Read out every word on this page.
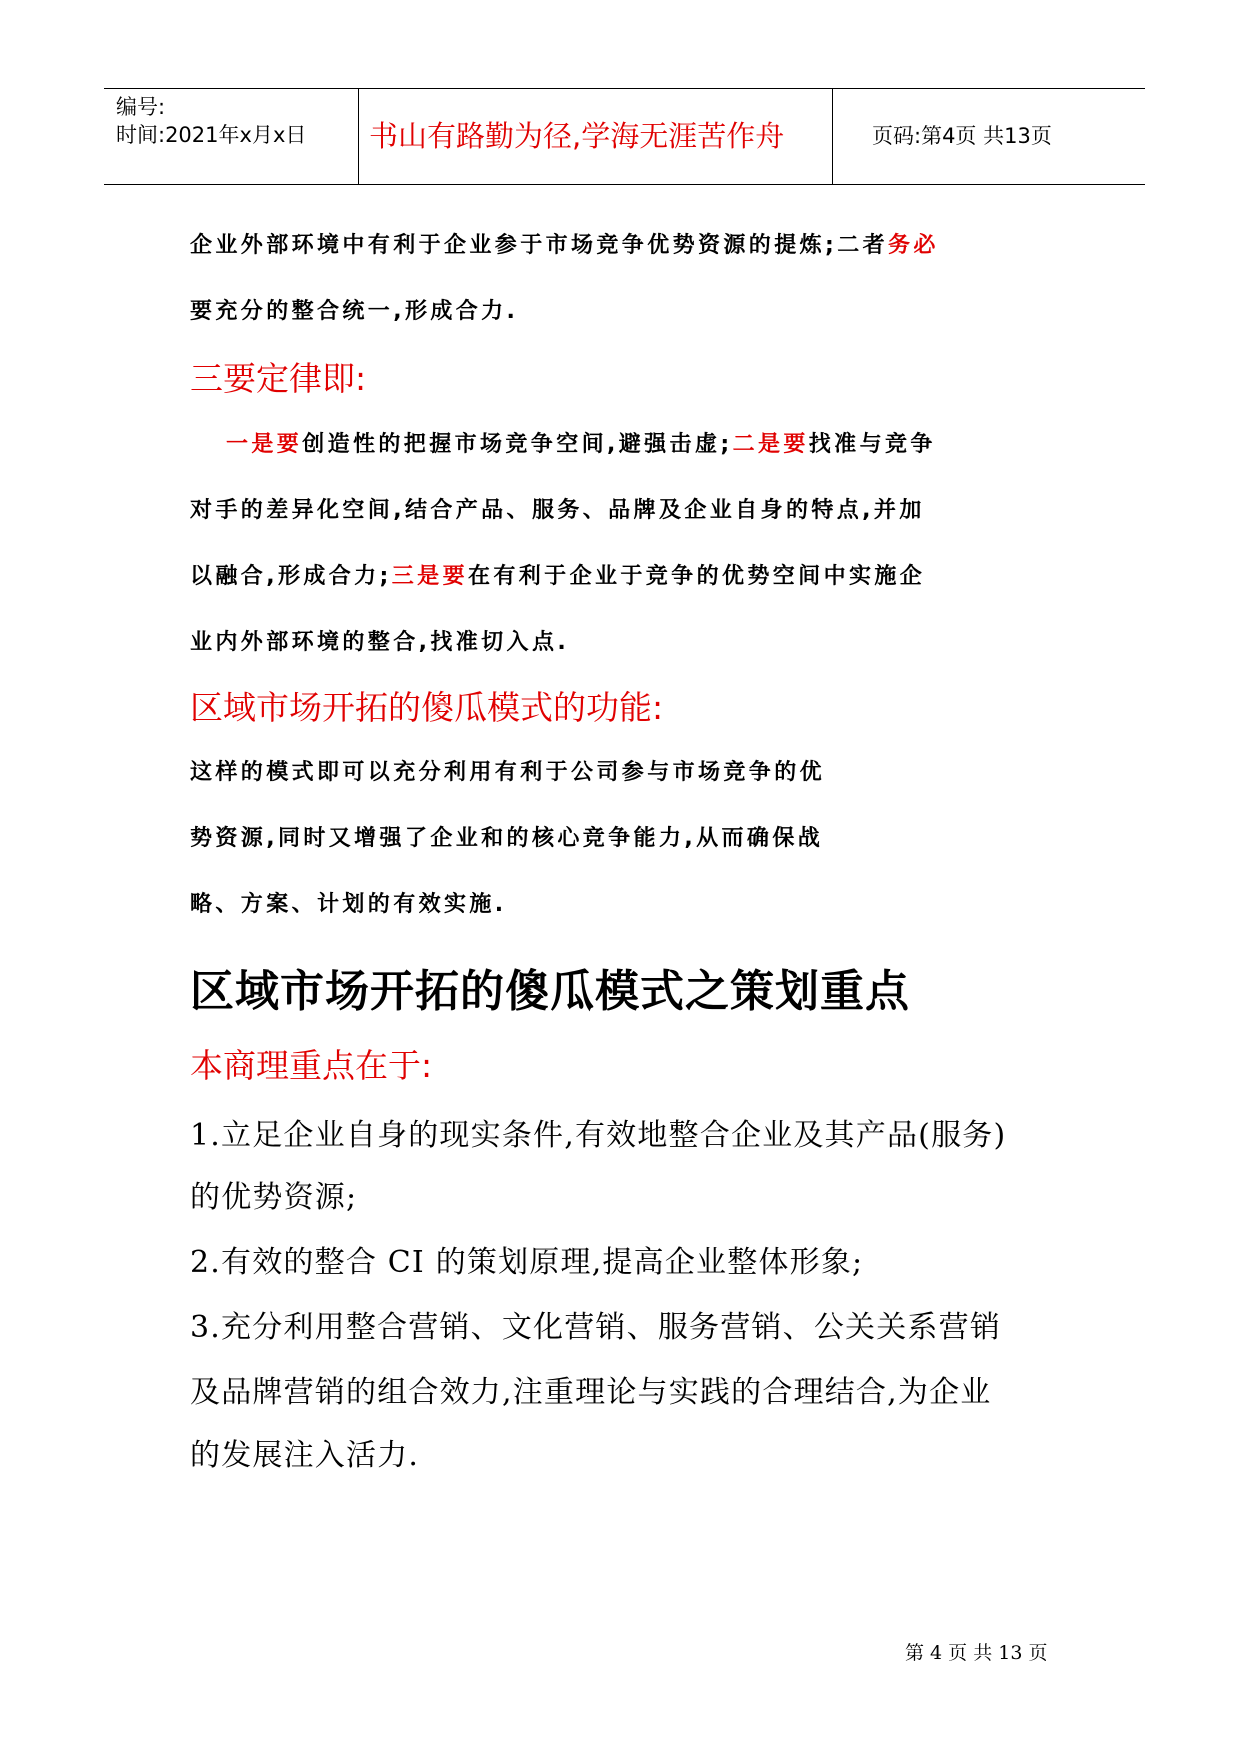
编号:
时间:2021年x月x日 书山有路勤为径,学海无涯苦作舟	页码:第4页 共13页
企业外部环境中有利于企业参于市场竞争优势资源的提炼;二者务必
要充分的整合统一,形成合力.
三要定律即:
一是要创造性的把握市场竞争空间,避强击虚;二是要找准与竞争
对手的差异化空间,结合产品、服务、品牌及企业自身的特点,并加
以融合,形成合力;三是要在有利于企业于竞争的优势空间中实施企
业内外部环境的整合,找准切入点.
区域市场开拓的傻瓜模式的功能:
这样的模式即可以充分利用有利于公司参与市场竞争的优
势资源,同时又增强了企业和的核心竞争能力,从而确保战
略、方案、计划的有效实施.
区域市场开拓的傻瓜模式之策划重点
本商理重点在于:
1.立足企业自身的现实条件,有效地整合企业及其产品(服务)
的优势资源;
2.有效的整合 CI 的策划原理,提高企业整体形象;
3.充分利用整合营销、文化营销、服务营销、公关关系营销
及品牌营销的组合效力,注重理论与实践的合理结合,为企业
的发展注入活力.
第 4 页 共 13 页
